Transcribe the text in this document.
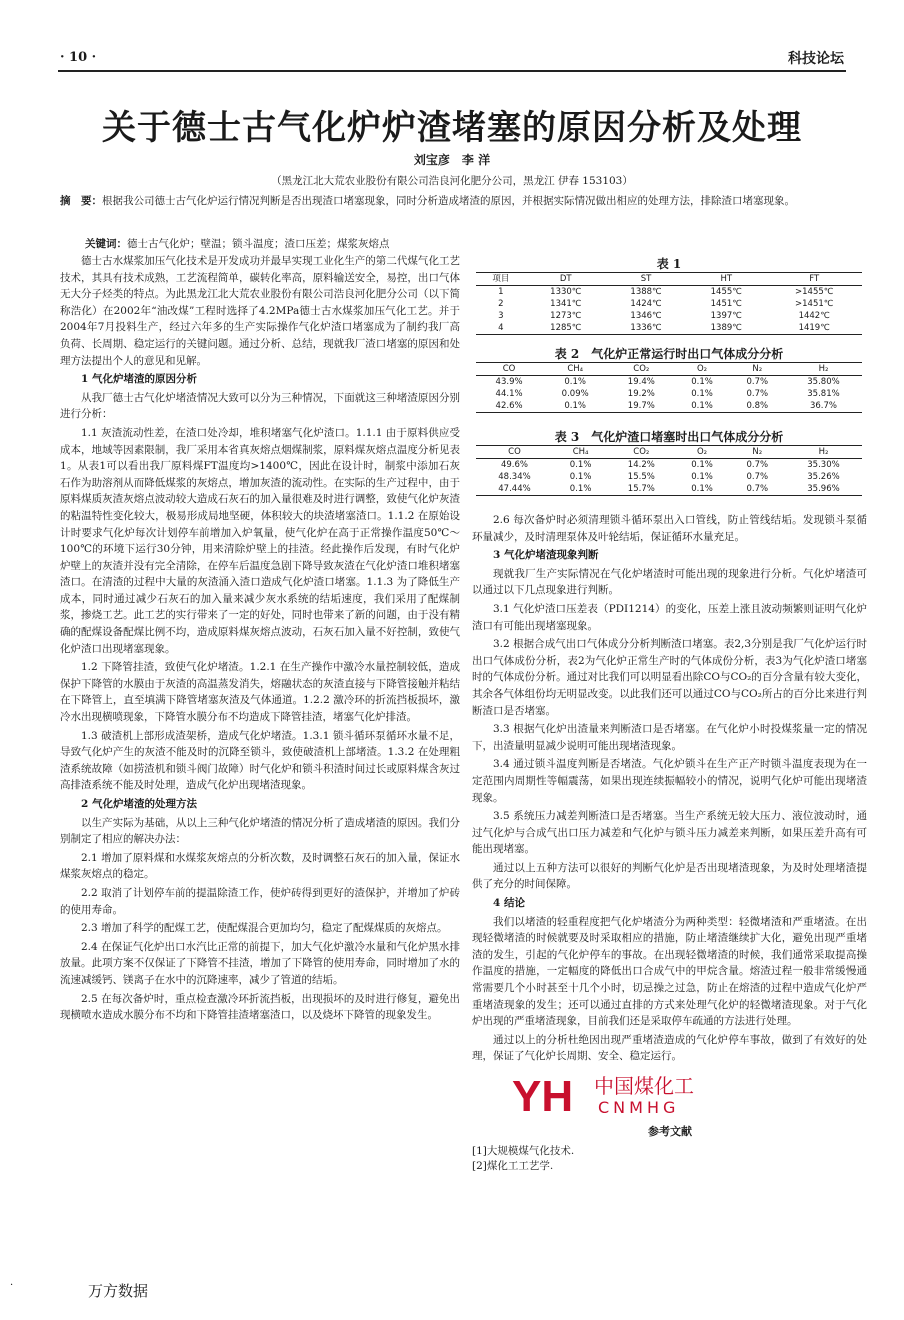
· 10 ·	科技论坛
关于德士古气化炉炉渣堵塞的原因分析及处理
刘宝彦　李 洋
（黑龙江北大荒农业股份有限公司浩良河化肥分公司，黑龙江 伊春 153103）
摘　要：根据我公司德士古气化炉运行情况判断是否出现渣口堵塞现象，同时分析造成堵渣的原因，并根据实际情况做出相应的处理方法，排除渣口堵塞现象。
关键词：德士古气化炉；壁温；锁斗温度；渣口压差；煤浆灰熔点

德士古水煤浆加压气化技术是开发成功并最早实现工业化生产的第二代煤气化工艺技术，其具有技术成熟，工艺流程简单，碳转化率高，原料输送安全，易控，出口气体无大分子烃类的特点。为此黑龙江北大荒农业股份有限公司浩良河化肥分公司（以下简称浩化）在2002年“油改煤”工程时选择了4.2MPa德士古水煤浆加压气化工艺。并于2004年7月投料生产，经过六年多的生产实际操作气化炉渣口堵塞成为了制约我厂高负荷、长周期、稳定运行的关键问题。通过分析、总结，现就我厂渣口堵塞的原因和处理方法提出个人的意见和见解。

1 气化炉堵渣的原因分析

从我厂德士古气化炉堵渣情况大致可以分为三种情况，下面就这三种堵渣原因分别进行分析：

1.1 灰渣流动性差，在渣口处冷却，堆积堵塞气化炉渣口。1.1.1 由于原料供应受成本，地域等因素限制，我厂采用本省真灰熔点烟煤制浆，原料煤灰熔点温度分析见表1。从表1可以看出我厂原料煤FT温度均>1400℃，因此在设计时，制浆中添加石灰石作为助溶剂从而降低煤浆的灰熔点，增加灰渣的流动性。在实际的生产过程中，由于原料煤质灰渣灰熔点波动较大造成石灰石的加入量很难及时进行调整，致使气化炉灰渣的粘温特性变化较大，极易形成局地坚硬，体积较大的块渣堵塞渣口。1.1.2 在原始设计时要求气化炉每次计划停车前增加入炉氧量，使气化炉在高于正常操作温度50℃～100℃的环境下运行30分钟，用来清除炉壁上的挂渣。经此操作后发现，有时气化炉炉壁上的灰渣并没有完全清除，在停车后温度急剧下降导致灰渣在气化炉渣口堆积堵塞渣口。在清渣的过程中大量的灰渣涌入渣口造成气化炉渣口堵塞。1.1.3 为了降低生产成本，同时通过减少石灰石的加入量来减少灰水系统的结垢速度，我们采用了配煤制浆，掺烧工艺。此工艺的实行带来了一定的好处，同时也带来了新的问题，由于没有精确的配煤设备配煤比例不均，造成原料煤灰熔点波动，石灰石加入量不好控制，致使气化炉渣口出现堵塞现象。

1.2 下降管挂渣，致使气化炉堵渣。1.2.1 在生产操作中激冷水量控制较低，造成保护下降管的水膜由于灰渣的高温蒸发消失，熔融状态的灰渣直接与下降管接触并粘结在下降管上，直至填满下降管堵塞灰渣及气体通道。1.2.2 激冷环的折流挡板损坏，激冷水出现横喷现象，下降管水膜分布不均造成下降管挂渣，堵塞气化炉排渣。

1.3 破渣机上部形成渣架桥，造成气化炉堵渣。1.3.1 锁斗循环泵循环水量不足，导致气化炉产生的灰渣不能及时的沉降至锁斗，致使破渣机上部堵渣。1.3.2 在处理粗渣系统故障（如捞渣机和锁斗阀门故障）时气化炉和锁斗积渣时间过长或原料煤含灰过高排渣系统不能及时处理，造成气化炉出现堵渣现象。

2 气化炉堵渣的处理方法

以生产实际为基础，从以上三种气化炉堵渣的情况分析了造成堵渣的原因。我们分别制定了相应的解决办法：

2.1 增加了原料煤和水煤浆灰熔点的分析次数，及时调整石灰石的加入量，保证水煤浆灰熔点的稳定。

2.2 取消了计划停车前的提温除渣工作，使炉砖得到更好的渣保护，并增加了炉砖的使用寿命。

2.3 增加了科学的配煤工艺，使配煤混合更加均匀，稳定了配煤煤质的灰熔点。

2.4 在保证气化炉出口水汽比正常的前提下，加大气化炉激冷水量和气化炉黑水排放量。此项方案不仅保证了下降管不挂渣，增加了下降管的使用寿命，同时增加了水的流速减缓钙、镁离子在水中的沉降速率，减少了管道的结垢。

2.5 在每次备炉时，重点检查激冷环折流挡板，出现损坏的及时进行修复，避免出现横喷水造成水膜分布不均和下降管挂渣堵塞渣口，以及烧坏下降管的现象发生。

表 1
项目	DT	ST	HT	FT
1	1330℃	1388℃	1455℃	>1455℃
2	1341℃	1424℃	1451℃	>1451℃
3	1273℃	1346℃	1397℃	1442℃
4	1285℃	1336℃	1389℃	1419℃
表 2　气化炉正常运行时出口气体成分分析
CO	CH₄	CO₂	O₂	N₂	H₂
43.9%	0.1%	19.4%	0.1%	0.7%	35.80%
44.1%	0.09%	19.2%	0.1%	0.7%	35.81%
42.6%	0.1%	19.7%	0.1%	0.8%	36.7%
表 3　气化炉渣口堵塞时出口气体成分分析
CO	CH₄	CO₂	O₂	N₂	H₂
49.6%	0.1%	14.2%	0.1%	0.7%	35.30%
48.34%	0.1%	15.5%	0.1%	0.7%	35.26%
47.44%	0.1%	15.7%	0.1%	0.7%	35.96%

2.6 每次备炉时必须清理锁斗循环泵出入口管线，防止管线结垢。发现锁斗泵循环量减少，及时清理泵体及叶轮结垢，保证循环水量充足。

3 气化炉堵渣现象判断

现就我厂生产实际情况在气化炉堵渣时可能出现的现象进行分析。气化炉堵渣可以通过以下几点现象进行判断。

3.1 气化炉渣口压差表（PDI1214）的变化，压差上涨且波动频繁则证明气化炉渣口有可能出现堵塞现象。

3.2 根据合成气出口气体成分分析判断渣口堵塞。表2,3分别是我厂气化炉运行时出口气体成份分析，表2为气化炉正常生产时的气体成份分析，表3为气化炉渣口堵塞时的气体成份分析。通过对比我们可以明显看出除CO与CO₂的百分含量有较大变化，其余各气体组份均无明显改变。以此我们还可以通过CO与CO₂所占的百分比来进行判断渣口是否堵塞。

3.3 根据气化炉出渣量来判断渣口是否堵塞。在气化炉小时投煤浆量一定的情况下，出渣量明显减少说明可能出现堵渣现象。

3.4 通过锁斗温度判断是否堵渣。气化炉锁斗在生产正产时锁斗温度表现为在一定范围内周期性等幅震荡，如果出现连续振幅较小的情况，说明气化炉可能出现堵渣现象。

3.5 系统压力减差判断渣口是否堵塞。当生产系统无较大压力、液位波动时，通过气化炉与合成气出口压力减差和气化炉与锁斗压力减差来判断，如果压差升高有可能出现堵塞。

通过以上五种方法可以很好的判断气化炉是否出现堵渣现象，为及时处理堵渣提供了充分的时间保障。

4 结论

我们以堵渣的轻重程度把气化炉堵渣分为两种类型：轻微堵渣和严重堵渣。在出现轻微堵渣的时候就要及时采取相应的措施，防止堵渣继续扩大化，避免出现严重堵渣的发生，引起的气化炉停车的事故。在出现轻微堵渣的时候，我们通常采取提高操作温度的措施，一定幅度的降低出口合成气中的甲烷含量。熔渣过程一般非常缓慢通常需要几个小时甚至十几个小时，切忌操之过急，防止在熔渣的过程中造成气化炉严重堵渣现象的发生；还可以通过直排的方式来处理气化炉的轻微堵渣现象。对于气化炉出现的严重堵渣现象，目前我们还是采取停车疏通的方法进行处理。

通过以上的分析杜绝因出现严重堵渣造成的气化炉停车事故，做到了有效好的处理，保证了气化炉长周期、安全、稳定运行。

YH 中国煤化工
CNMHG
参考文献
[1]大规模煤气化技术.
[2]煤化工工艺学.
·	万方数据
